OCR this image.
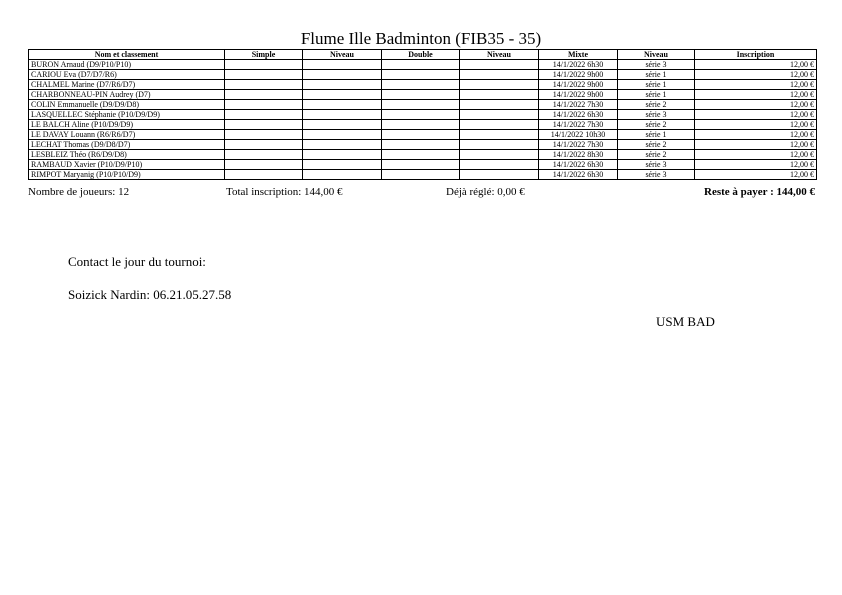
Flume Ille Badminton (FIB35 - 35)
Nom et classement	Simple	Niveau	Double	Niveau	Mixte	Niveau	Inscription
BURON Arnaud (D9/P10/P10)					14/1/2022 6h30	série 3	12,00 €
CARIOU Eva (D7/D7/R6)					14/1/2022 9h00	série 1	12,00 €
CHALMEL Marine (D7/R6/D7)					14/1/2022 9h00	série 1	12,00 €
CHARBONNEAU-PIN Audrey (D7)					14/1/2022 9h00	série 1	12,00 €
COLIN Emmanuelle (D9/D9/D8)					14/1/2022 7h30	série 2	12,00 €
LASQUELLEC Stéphanie (P10/D9/D9)					14/1/2022 6h30	série 3	12,00 €
LE BALCH Aline (P10/D9/D9)					14/1/2022 7h30	série 2	12,00 €
LE DAVAY Louann (R6/R6/D7)					14/1/2022 10h30	série 1	12,00 €
LECHAT Thomas (D9/D8/D7)					14/1/2022 7h30	série 2	12,00 €
LESBLEIZ Théo (R6/D9/D8)					14/1/2022 8h30	série 2	12,00 €
RAMBAUD Xavier (P10/D9/P10)					14/1/2022 6h30	série 3	12,00 €
RIMPOT Maryanig (P10/P10/D9)					14/1/2022 6h30	série 3	12,00 €
Nombre de joueurs: 12	Total inscription: 144,00 €	Déjà réglé: 0,00 €	Reste à payer : 144,00 €
Contact le jour du tournoi:
Soizick Nardin: 06.21.05.27.58
USM BAD
